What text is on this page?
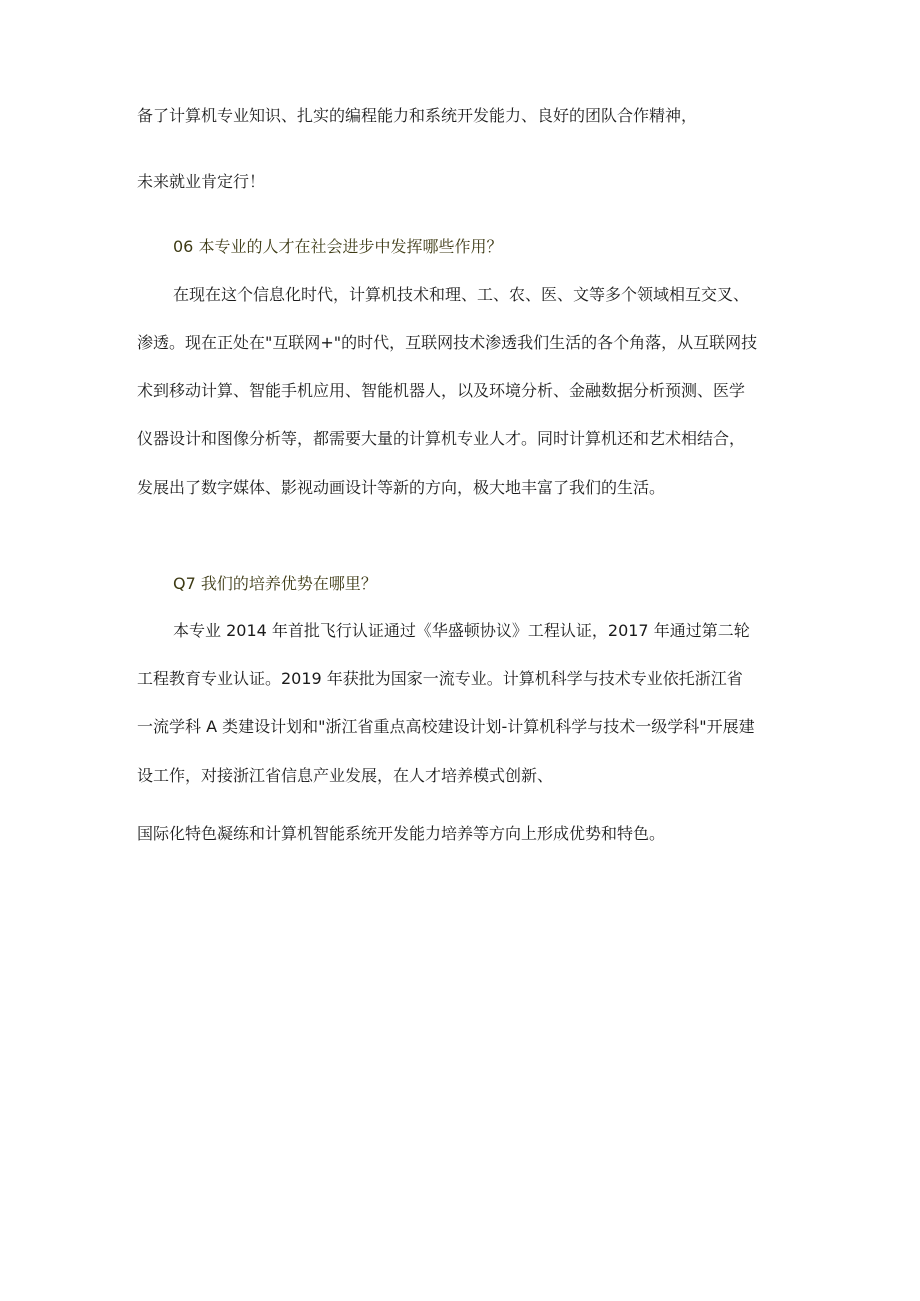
备了计算机专业知识、扎实的编程能力和系统开发能力、良好的团队合作精神，
未来就业肯定行！
06 本专业的人才在社会进步中发挥哪些作用？
在现在这个信息化时代，计算机技术和理、工、农、医、文等多个领域相互交叉、
渗透。现在正处在"互联网+"的时代，互联网技术渗透我们生活的各个角落，从互联网技
术到移动计算、智能手机应用、智能机器人，以及环境分析、金融数据分析预测、医学
仪器设计和图像分析等，都需要大量的计算机专业人才。同时计算机还和艺术相结合，
发展出了数字媒体、影视动画设计等新的方向，极大地丰富了我们的生活。
Q7 我们的培养优势在哪里？
本专业 2014 年首批飞行认证通过《华盛顿协议》工程认证，2017 年通过第二轮
工程教育专业认证。2019 年获批为国家一流专业。计算机科学与技术专业依托浙江省
一流学科 A 类建设计划和"浙江省重点高校建设计划-计算机科学与技术一级学科"开展建
设工作，对接浙江省信息产业发展，在人才培养模式创新、
国际化特色凝练和计算机智能系统开发能力培养等方向上形成优势和特色。
